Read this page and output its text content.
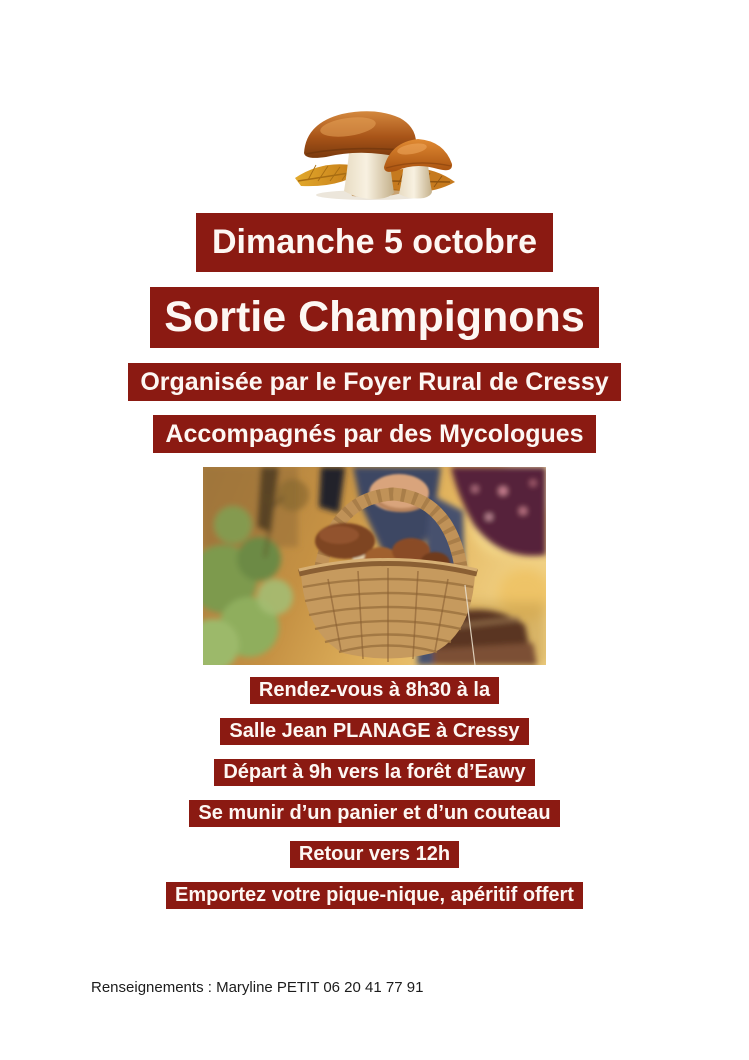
Dimanche 5 octobre
Sortie Champignons
Organisée par le Foyer Rural de Cressy
Accompagnés par des Mycologues
Rendez-vous à 8h30 à la
Salle Jean PLANAGE à Cressy
Départ à 9h vers la forêt d’Eawy
Se munir d’un panier et d’un couteau
Retour vers 12h
Emportez votre pique-nique, apéritif offert
Renseignements : Maryline PETIT 06 20 41 77 91
